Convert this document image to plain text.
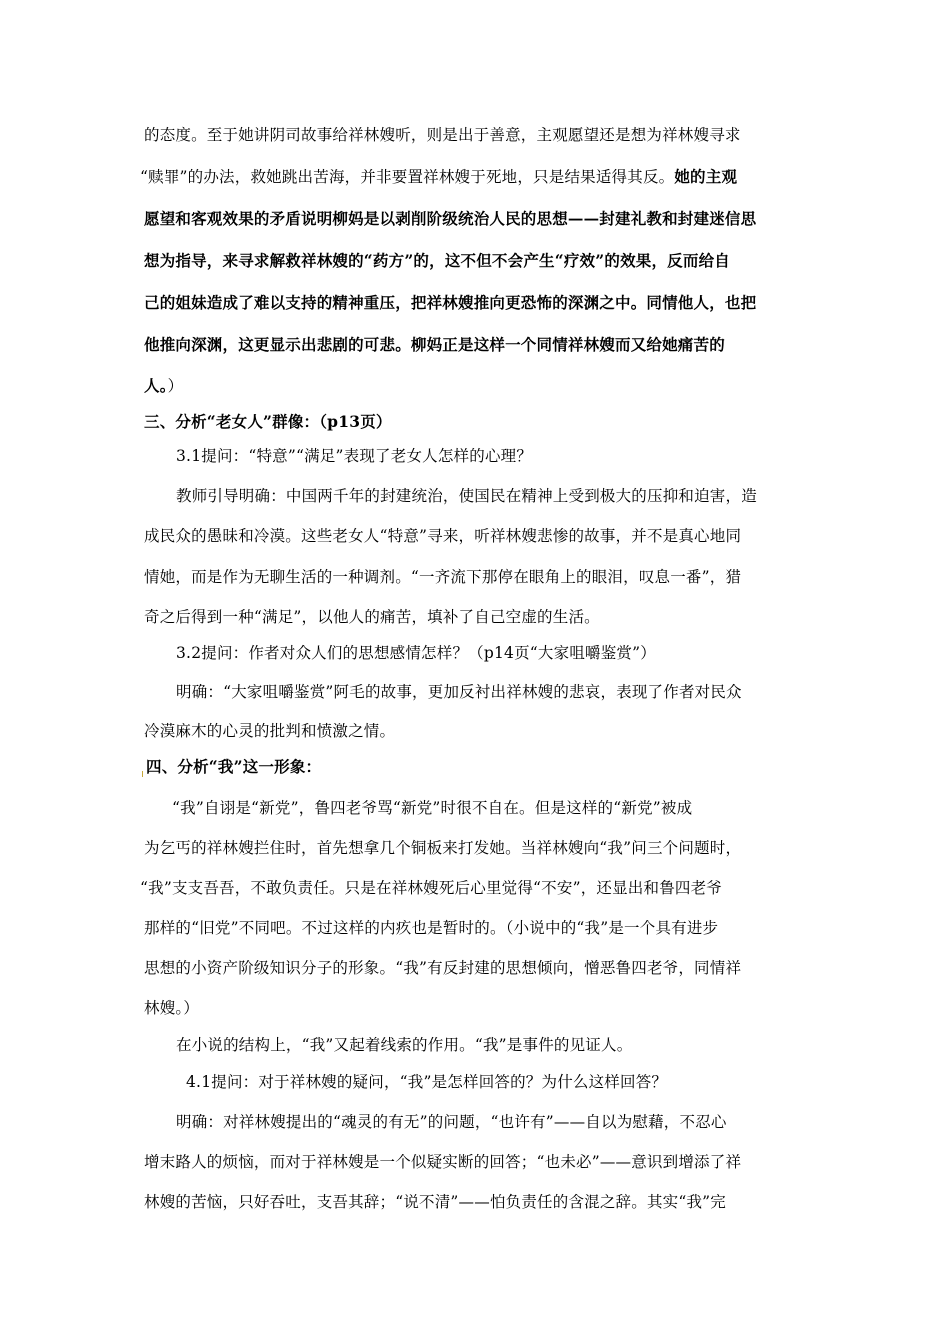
的态度。至于她讲阴司故事给祥林嫂听，则是出于善意，主观愿望还是想为祥林嫂寻求
“赎罪”的办法，救她跳出苦海，并非要置祥林嫂于死地，只是结果适得其反。她的主观
愿望和客观效果的矛盾说明柳妈是以剥削阶级统治人民的思想——封建礼教和封建迷信思
想为指导，来寻求解救祥林嫂的“药方”的，这不但不会产生“疗效”的效果，反而给自
己的姐妹造成了难以支持的精神重压，把祥林嫂推向更恐怖的深渊之中。同情他人，也把
他推向深渊，这更显示出悲剧的可悲。柳妈正是这样一个同情祥林嫂而又给她痛苦的
人。）
三、分析“老女人”群像：（p13页）
3.1提问：“特意”“满足”表现了老女人怎样的心理？
教师引导明确：中国两千年的封建统治，使国民在精神上受到极大的压抑和迫害，造
成民众的愚昧和冷漠。这些老女人“特意”寻来，听祥林嫂悲惨的故事，并不是真心地同
情她，而是作为无聊生活的一种调剂。“一齐流下那停在眼角上的眼泪，叹息一番”，猎
奇之后得到一种“满足”，以他人的痛苦，填补了自己空虚的生活。
3.2提问：作者对众人们的思想感情怎样？（p14页“大家咀嚼鉴赏”）
明确：“大家咀嚼鉴赏”阿毛的故事，更加反衬出祥林嫂的悲哀，表现了作者对民众
冷漠麻木的心灵的批判和愤激之情。
四、分析“我”这一形象：
“我”自诩是“新党”，鲁四老爷骂“新党”时很不自在。但是这样的“新党”被成
为乞丐的祥林嫂拦住时，首先想拿几个铜板来打发她。当祥林嫂向“我”问三个问题时，
“我”支支吾吾，不敢负责任。只是在祥林嫂死后心里觉得“不安”，还显出和鲁四老爷
那样的“旧党”不同吧。不过这样的内疚也是暂时的。（小说中的“我”是一个具有进步
思想的小资产阶级知识分子的形象。“我”有反封建的思想倾向，憎恶鲁四老爷，同情祥
林嫂。）
在小说的结构上，“我”又起着线索的作用。“我”是事件的见证人。
4.1提问：对于祥林嫂的疑问，“我”是怎样回答的？为什么这样回答？
明确：对祥林嫂提出的“魂灵的有无”的问题，“也许有”——自以为慰藉，不忍心
增末路人的烦恼，而对于祥林嫂是一个似疑实断的回答；“也未必”——意识到增添了祥
林嫂的苦恼，只好吞吐，支吾其辞；“说不清”——怕负责任的含混之辞。其实“我”完
